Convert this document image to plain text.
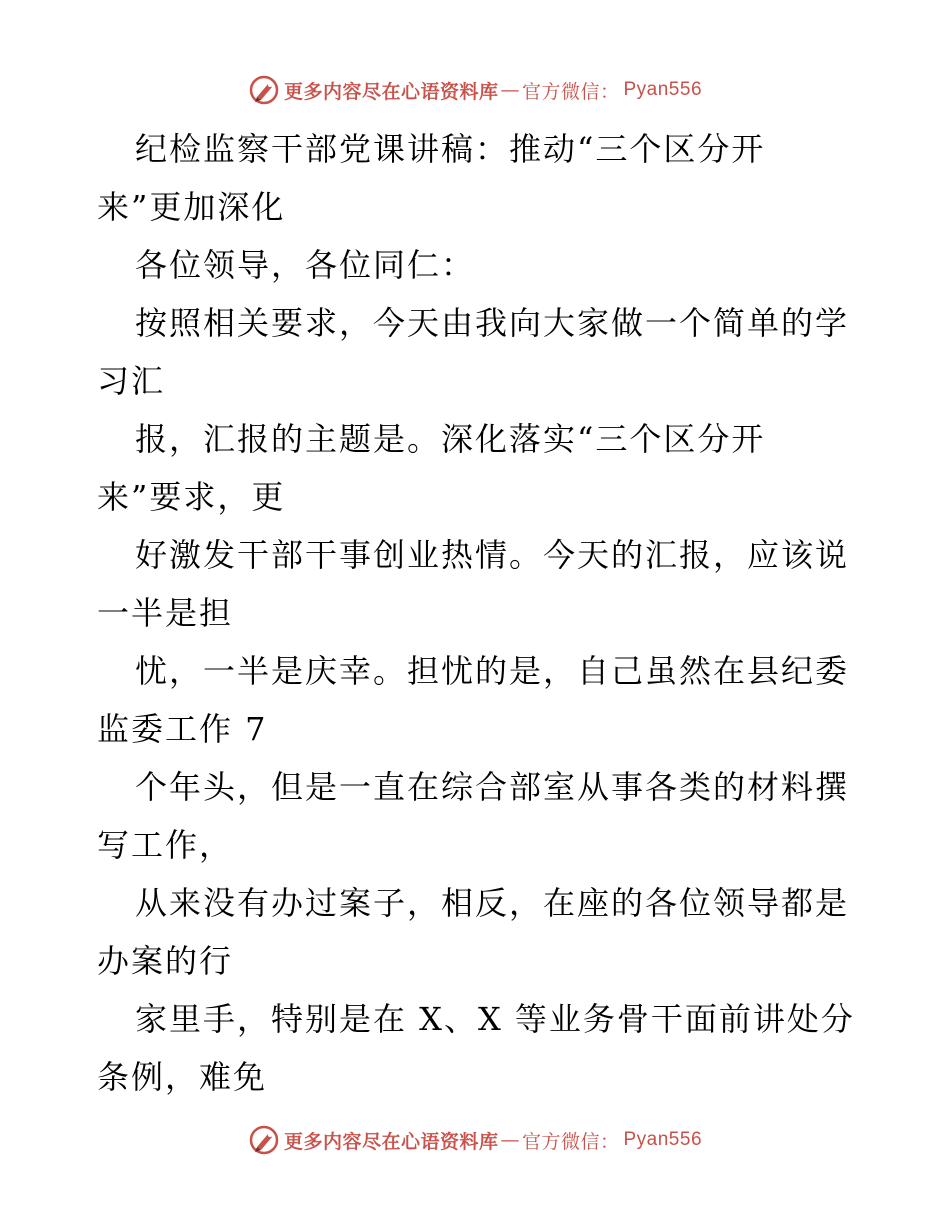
更多内容尽在心语资料库 — 官方微信： Pyan556
纪检监察干部党课讲稿：推动“三个区分开
来”更加深化
各位领导，各位同仁：
按照相关要求，今天由我向大家做一个简单的学
习汇
报，汇报的主题是。深化落实“三个区分开
来”要求，更
好激发干部干事创业热情。今天的汇报，应该说
一半是担
忧，一半是庆幸。担忧的是，自己虽然在县纪委
监委工作 7
个年头，但是一直在综合部室从事各类的材料撰
写工作，
从来没有办过案子，相反，在座的各位领导都是
办案的行
家里手，特别是在 X、X 等业务骨干面前讲处分
条例，难免
更多内容尽在心语资料库 — 官方微信： Pyan556
